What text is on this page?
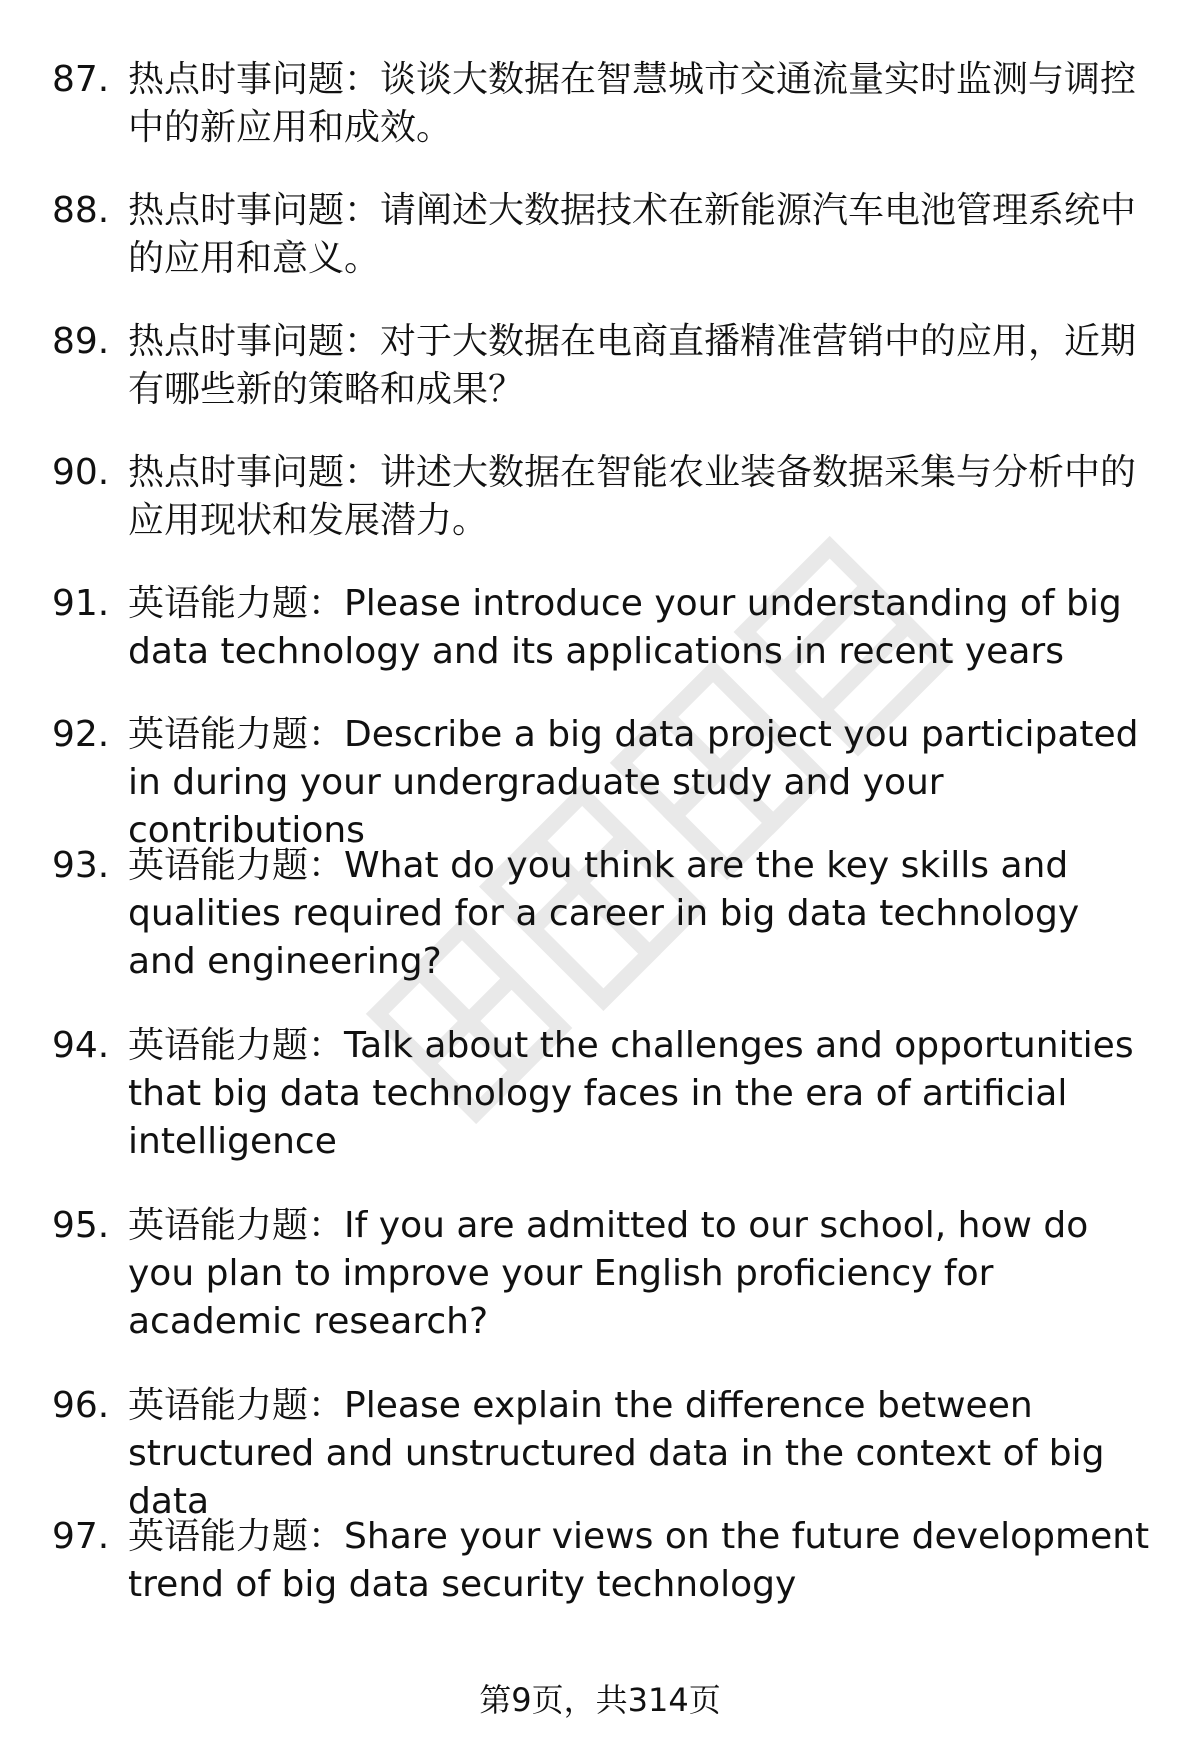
87. 热点时事问题：谈谈大数据在智慧城市交通流量实时监测与调控中的新应用和成效。
88. 热点时事问题：请阐述大数据技术在新能源汽车电池管理系统中的应用和意义。
89. 热点时事问题：对于大数据在电商直播精准营销中的应用，近期有哪些新的策略和成果？
90. 热点时事问题：讲述大数据在智能农业装备数据采集与分析中的应用现状和发展潜力。
91. 英语能力题：Please introduce your understanding of big data technology and its applications in recent years
92. 英语能力题：Describe a big data project you participated in during your undergraduate study and your contributions
93. 英语能力题：What do you think are the key skills and qualities required for a career in big data technology and engineering?
94. 英语能力题：Talk about the challenges and opportunities that big data technology faces in the era of artificial intelligence
95. 英语能力题：If you are admitted to our school, how do you plan to improve your English proficiency for academic research?
96. 英语能力题：Please explain the difference between structured and unstructured data in the context of big data
97. 英语能力题：Share your views on the future development trend of big data security technology
第9页，共314页
